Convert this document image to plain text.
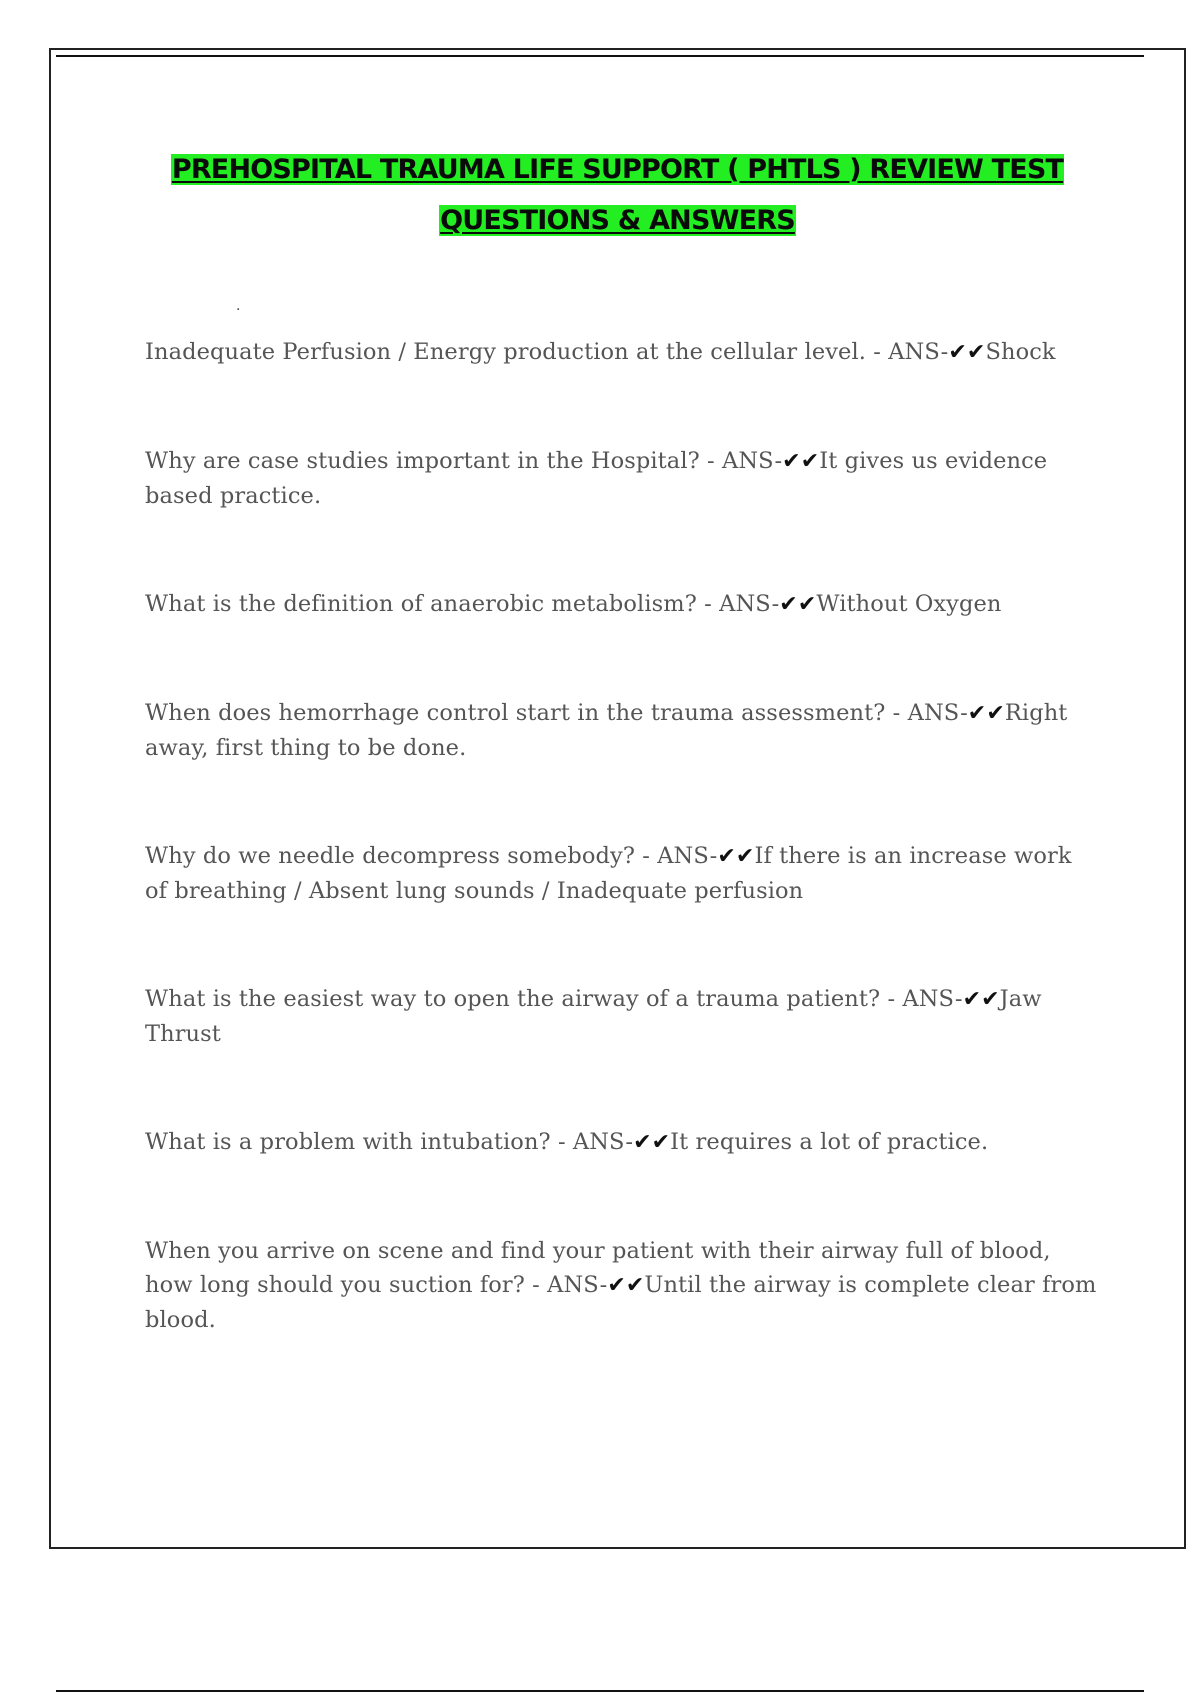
PREHOSPITAL TRAUMA LIFE SUPPORT ( PHTLS ) REVIEW TEST
QUESTIONS & ANSWERS
.
Inadequate Perfusion / Energy production at the cellular level. - ANS-✔✔Shock
Why are case studies important in the Hospital? - ANS-✔✔It gives us evidence based practice.
What is the definition of anaerobic metabolism? - ANS-✔✔Without Oxygen
When does hemorrhage control start in the trauma assessment? - ANS-✔✔Right away, first thing to be done.
Why do we needle decompress somebody? - ANS-✔✔If there is an increase work of breathing / Absent lung sounds / Inadequate perfusion
What is the easiest way to open the airway of a trauma patient? - ANS-✔✔Jaw Thrust
What is a problem with intubation? - ANS-✔✔It requires a lot of practice.
When you arrive on scene and find your patient with their airway full of blood, how long should you suction for? - ANS-✔✔Until the airway is complete clear from blood.
